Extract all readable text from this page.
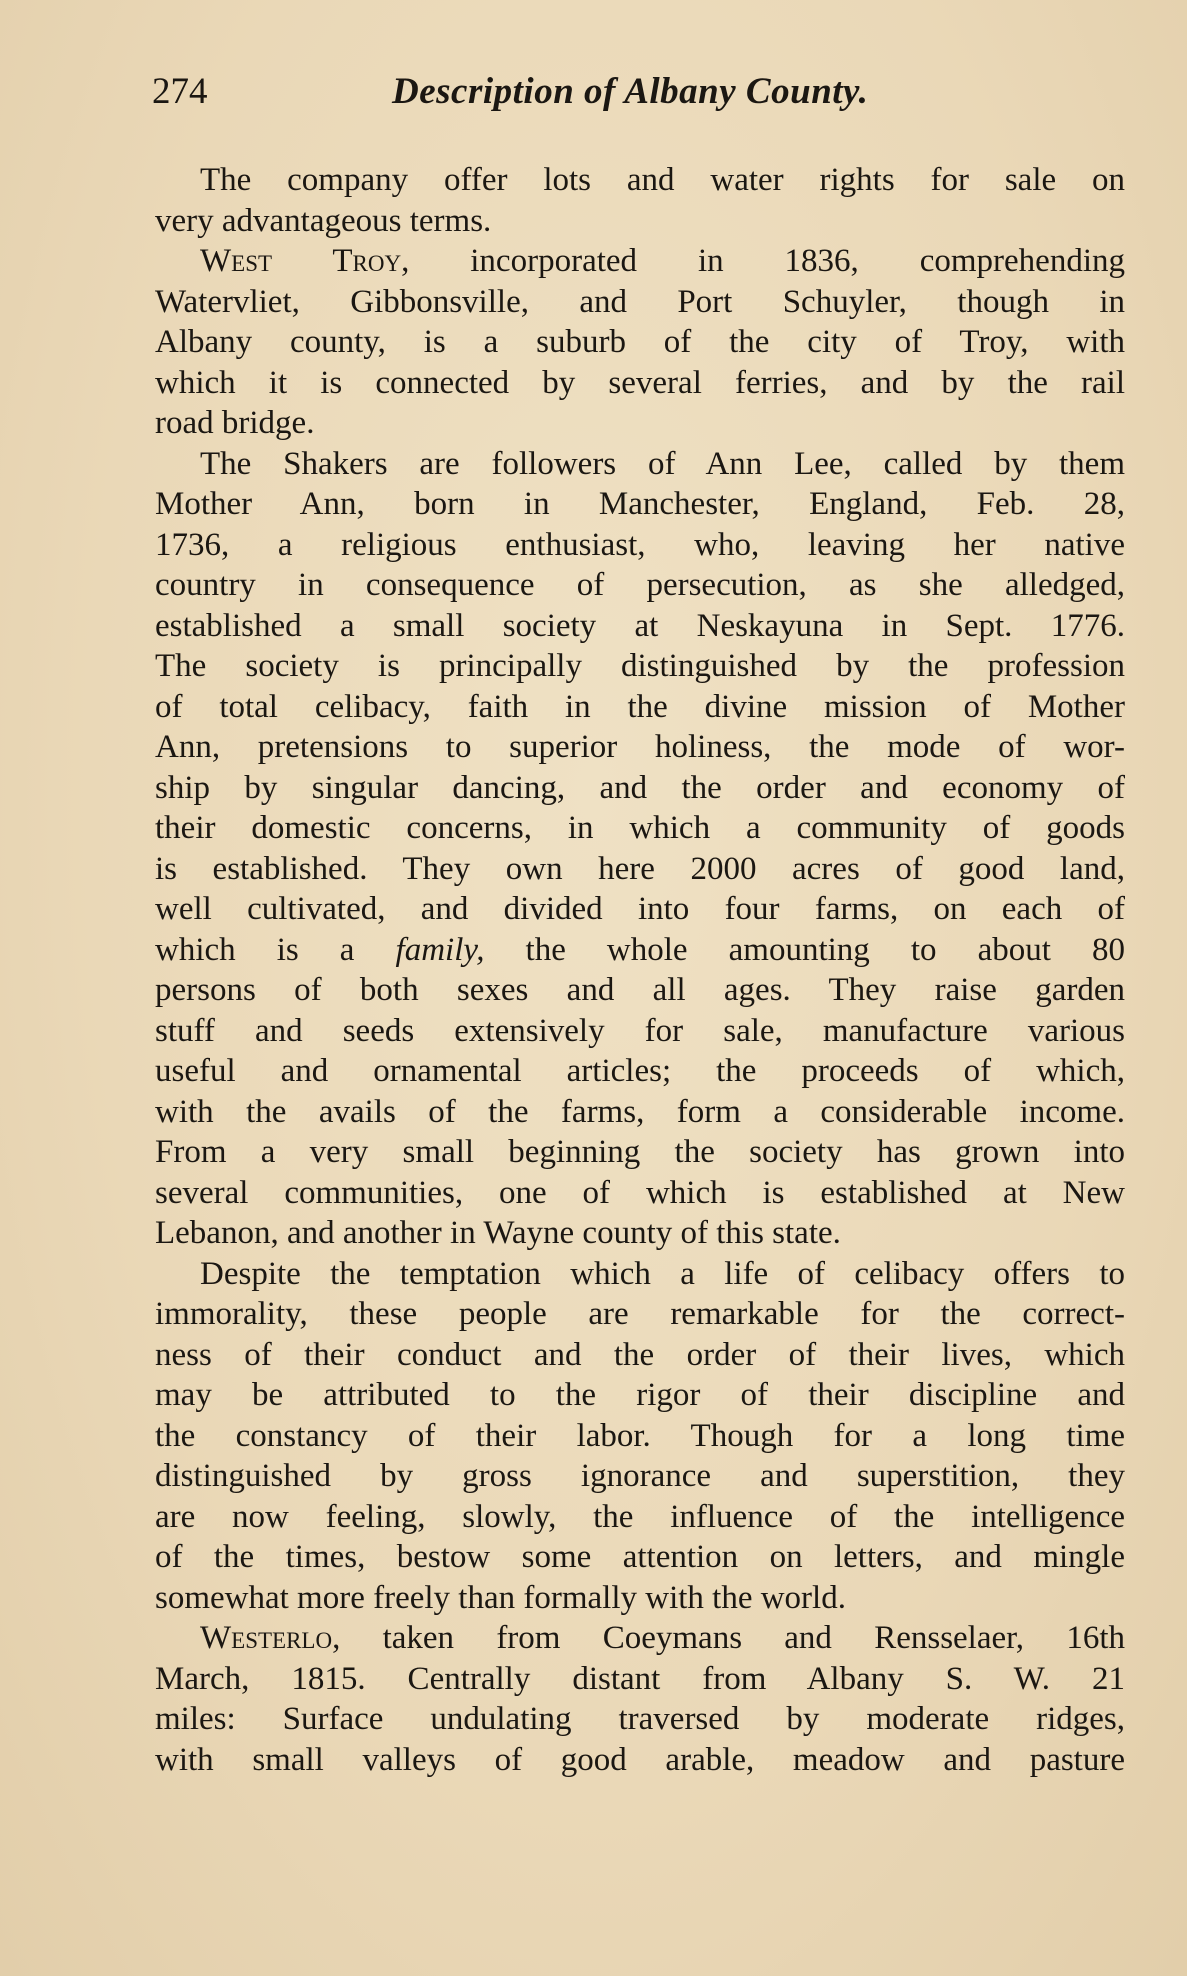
274	Description of Albany County.
The company offer lots and water rights for sale on
very advantageous terms.
West Troy, incorporated in 1836, comprehending
Watervliet, Gibbonsville, and Port Schuyler, though in
Albany county, is a suburb of the city of Troy, with
which it is connected by several ferries, and by the rail
road bridge.
The Shakers are followers of Ann Lee, called by them
Mother Ann, born in Manchester, England, Feb. 28,
1736, a religious enthusiast, who, leaving her native
country in consequence of persecution, as she alledged,
established a small society at Neskayuna in Sept. 1776.
The society is principally distinguished by the profession
of total celibacy, faith in the divine mission of Mother
Ann, pretensions to superior holiness, the mode of wor-
ship by singular dancing, and the order and economy of
their domestic concerns, in which a community of goods
is established. They own here 2000 acres of good land,
well cultivated, and divided into four farms, on each of
which is a family, the whole amounting to about 80
persons of both sexes and all ages. They raise garden
stuff and seeds extensively for sale, manufacture various
useful and ornamental articles; the proceeds of which,
with the avails of the farms, form a considerable income.
From a very small beginning the society has grown into
several communities, one of which is established at New
Lebanon, and another in Wayne county of this state.
Despite the temptation which a life of celibacy offers to
immorality, these people are remarkable for the correct-
ness of their conduct and the order of their lives, which
may be attributed to the rigor of their discipline and
the constancy of their labor. Though for a long time
distinguished by gross ignorance and superstition, they
are now feeling, slowly, the influence of the intelligence
of the times, bestow some attention on letters, and mingle
somewhat more freely than formally with the world.
Westerlo, taken from Coeymans and Rensselaer, 16th
March, 1815. Centrally distant from Albany S. W. 21
miles: Surface undulating traversed by moderate ridges,
with small valleys of good arable, meadow and pasture
